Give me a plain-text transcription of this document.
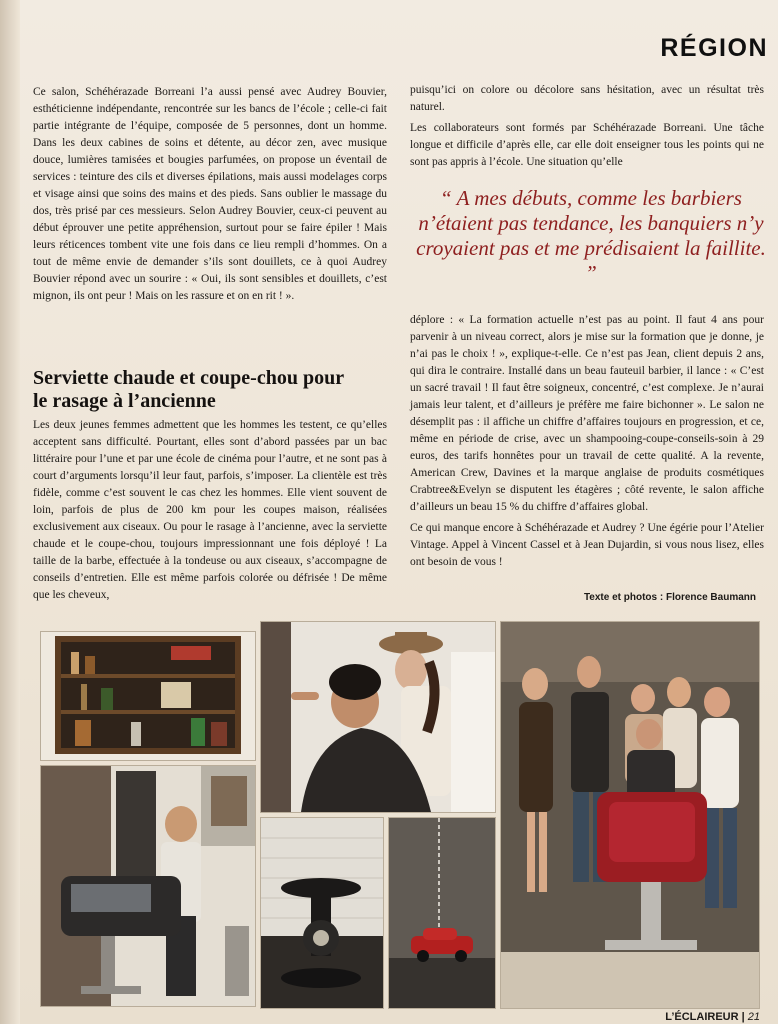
RÉGION

Ce salon, Schéhérazade Borreani l’a aussi pensé avec Audrey Bouvier, esthéticienne indépendante, rencontrée sur les bancs de l’école ; celle-ci fait partie intégrante de l’équipe, composée de 5 personnes, dont un homme. Dans les deux cabines de soins et détente, au décor zen, avec musique douce, lumières tamisées et bougies parfumées, on propose un éventail de services : teinture des cils et diverses épilations, mais aussi modelages corps et visage ainsi que soins des mains et des pieds. Sans oublier le massage du dos, très prisé par ces messieurs. Selon Audrey Bouvier, ceux-ci peuvent au début éprouver une petite appréhension, surtout pour se faire épiler ! Mais leurs réticences tombent vite une fois dans ce lieu rempli d’hommes. On a tout de même envie de demander s’ils sont douillets, ce à quoi Audrey Bouvier répond avec un sourire : « Oui, ils sont sensibles et douillets, c’est mignon, ils ont peur ! Mais on les rassure et on en rit ! ».

Serviette chaude et coupe-chou pour le rasage à l’ancienne

Les deux jeunes femmes admettent que les hommes les testent, ce qu’elles acceptent sans difficulté. Pourtant, elles sont d’abord passées par un bac littéraire pour l’une et par une école de cinéma pour l’autre, et ne sont pas à court d’arguments lorsqu’il leur faut, parfois, s’imposer. La clientèle est très fidèle, comme c’est souvent le cas chez les hommes. Elle vient souvent de loin, parfois de plus de 200 km pour les coupes maison, réalisées exclusivement aux ciseaux. Ou pour le rasage à l’ancienne, avec la serviette chaude et le coupe-chou, toujours impressionnant une fois déployé ! La taille de la barbe, effectuée à la tondeuse ou aux ciseaux, s’accompagne de conseils d’entretien. Elle est même parfois colorée ou défrisée ! De même que les cheveux,

puisqu’ici on colore ou décolore sans hésitation, avec un résultat très naturel.

Les collaborateurs sont formés par Schéhérazade Borreani. Une tâche longue et difficile d’après elle, car elle doit enseigner tous les points qui ne sont pas appris à l’école. Une situation qu’elle

“ A mes débuts, comme les barbiers n’étaient pas tendance, les banquiers n’y croyaient pas et me prédisaient la faillite. ”

déplore : « La formation actuelle n’est pas au point. Il faut 4 ans pour parvenir à un niveau correct, alors je mise sur la formation que je donne, je n’ai pas le choix ! », explique-t-elle. Ce n’est pas Jean, client depuis 2 ans, qui dira le contraire. Installé dans un beau fauteuil barbier, il lance : « C’est un sacré travail ! Il faut être soigneux, concentré, c’est complexe. Je n’aurai jamais leur talent, et d’ailleurs je préfère me faire bichonner ». Le salon ne désemplit pas : il affiche un chiffre d’affaires toujours en progression, et ce, même en période de crise, avec un shampooing-coupe-conseils-soin à 29 euros, des tarifs honnêtes pour un travail de cette qualité. A la revente, American Crew, Davines et la marque anglaise de produits cosmétiques Crabtree&Evelyn se disputent les étagères ; côté revente, le salon affiche d’ailleurs un beau 15 % du chiffre d’affaires global.

Ce qui manque encore à Schéhérazade et Audrey ? Une égérie pour l’Atelier Vintage. Appel à Vincent Cassel et à Jean Dujardin, si vous nous lisez, elles ont besoin de vous !

Texte et photos : Florence Baumann
L’ÉCLAIREUR | 21
